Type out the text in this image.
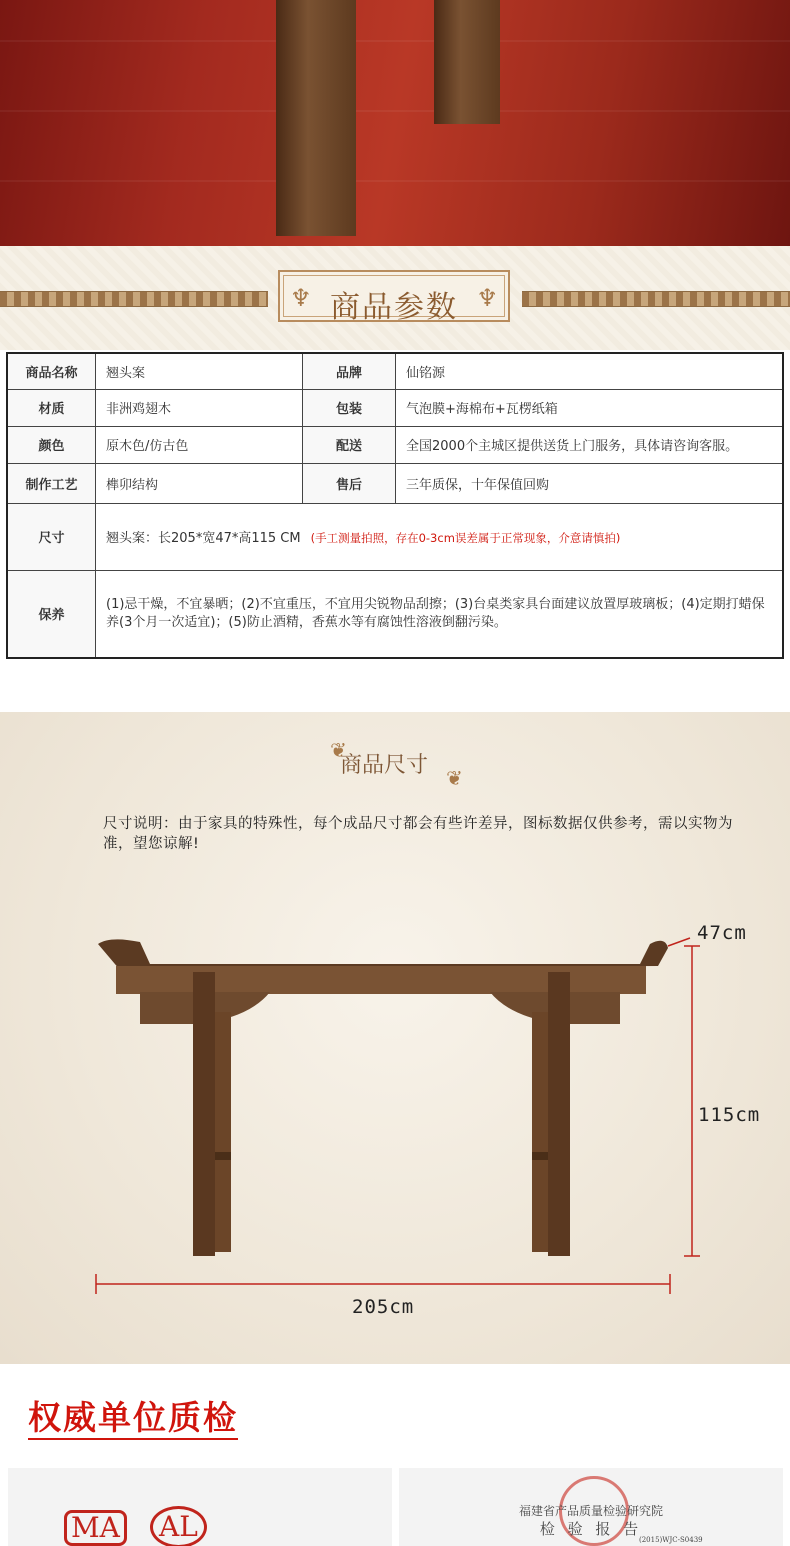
♆ 商品参数 ♆
商品名称	翘头案	品牌	仙铭源
材质	非洲鸡翅木	包装	气泡膜+海棉布+瓦楞纸箱
颜色	原木色/仿古色	配送	全国2000个主城区提供送货上门服务，具体请咨询客服。
制作工艺	榫卯结构	售后	三年质保，十年保值回购
尺寸	翘头案：长205*宽47*高115 CM (手工测量拍照，存在0-3cm误差属于正常现象，介意请慎拍)		
保养	(1)忌干燥，不宜暴晒；(2)不宜重压，不宜用尖锐物品刮擦；(3)台桌类家具台面建议放置厚玻璃板；(4)定期打蜡保养(3个月一次适宜)；(5)防止酒精，香蕉水等有腐蚀性溶液倒翻污染。		
❦
商品尺寸 ❦
尺寸说明：由于家具的特殊性，每个成品尺寸都会有些许差异，图标数据仅供参考，需以实物为准，望您谅解!
47cm
115cm
205cm
权威单位质检
MA	AL	福建省产品质量检验研究院
检 验 报 告
(2015)WJC-S0439
